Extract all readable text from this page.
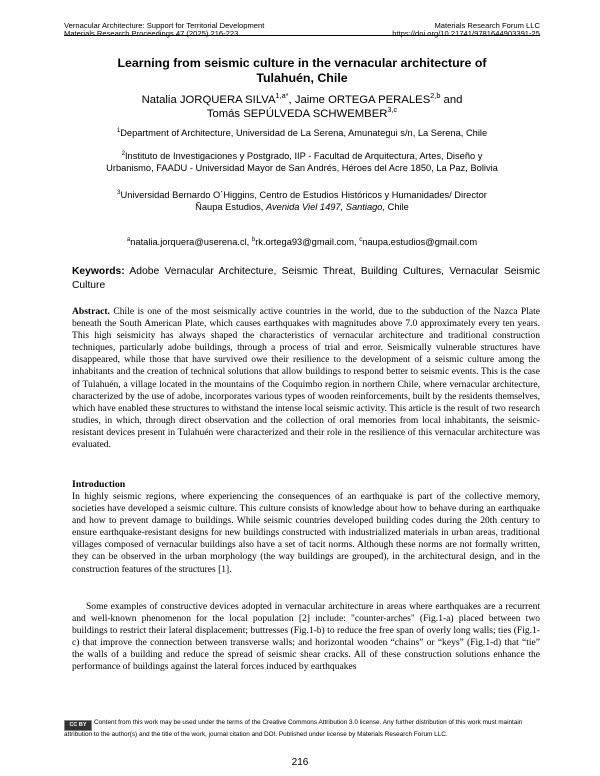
Vernacular Architecture: Support for Territorial Development	Materials Research Forum LLC
Materials Research Proceedings 47 (2025) 216-223	https://doi.org/10.21741/9781644903391-25
Learning from seismic culture in the vernacular architecture of
Tulahuén, Chile
Natalia JORQUERA $SILVA^{1,a*}$, Jaime ORTEGA PERALES$^{2,b}$ and
Tomás SEPÚLVEDA SCHWEMBER$^{3,c}$
$^1$Department of Architecture, Universidad de La Serena, Amunategui s/n, La Serena, Chile
$^2$Instituto de Investigaciones y Postgrado, IIP - Facultad de Arquitectura, Artes, Diseño y
Urbanismo, FAADU - Universidad Mayor de San Andrés, Héroes del Acre 1850, La Paz, Bolivia
$^3$Universidad Bernardo O´Higgins, Centro de Estudios Históricos y Humanidades/ Director
Ñaupa Estudios, Avenida Viel 1497, Santiago, Chile
$^a$natalia.jorquera@userena.cl, $^b$rk.ortega93@gmail.com, $^c$naupa.estudios@gmail.com
Keywords: Adobe Vernacular Architecture, Seismic Threat, Building Cultures, Vernacular Seismic Culture
Abstract. Chile is one of the most seismically active countries in the world, due to the subduction of the Nazca Plate beneath the South American Plate, which causes earthquakes with magnitudes above 7.0 approximately every ten years. This high seismicity has always shaped the characteristics of vernacular architecture and traditional construction techniques, particularly adobe buildings, through a process of trial and error. Seismically vulnerable structures have disappeared, while those that have survived owe their resilience to the development of a seismic culture among the inhabitants and the creation of technical solutions that allow buildings to respond better to seismic events. This is the case of Tulahuén, a village located in the mountains of the Coquimbo region in northern Chile, where vernacular architecture, characterized by the use of adobe, incorporates various types of wooden reinforcements, built by the residents themselves, which have enabled these structures to withstand the intense local seismic activity. This article is the result of two research studies, in which, through direct observation and the collection of oral memories from local inhabitants, the seismic-resistant devices present in Tulahuén were characterized and their role in the resilience of this vernacular architecture was evaluated.
Introduction
In highly seismic regions, where experiencing the consequences of an earthquake is part of the collective memory, societies have developed a seismic culture. This culture consists of knowledge about how to behave during an earthquake and how to prevent damage to buildings. While seismic countries developed building codes during the 20th century to ensure earthquake-resistant designs for new buildings constructed with industrialized materials in urban areas, traditional villages composed of vernacular buildings also have a set of tacit norms. Although these norms are not formally written, they can be observed in the urban morphology (the way buildings are grouped), in the architectural design, and in the construction features of the structures [1].
Some examples of constructive devices adopted in vernacular architecture in areas where earthquakes are a recurrent and well-known phenomenon for the local population [2] include: "counter-arches" (Fig.1-a) placed between two buildings to restrict their lateral displacement; buttresses (Fig.1-b) to reduce the free span of overly long walls; ties (Fig.1-c) that improve the connection between transverse walls; and horizontal wooden “chains” or “keys” (Fig.1-d) that “tie” the walls of a building and reduce the spread of seismic shear cracks. All of these construction solutions enhance the performance of buildings against the lateral forces induced by earthquakes
CC BY Content from this work may be used under the terms of the Creative Commons Attribution 3.0 license. Any further distribution of this work must maintain attribution to the author(s) and the title of the work, journal citation and DOI. Published under license by Materials Research Forum LLC.
216
